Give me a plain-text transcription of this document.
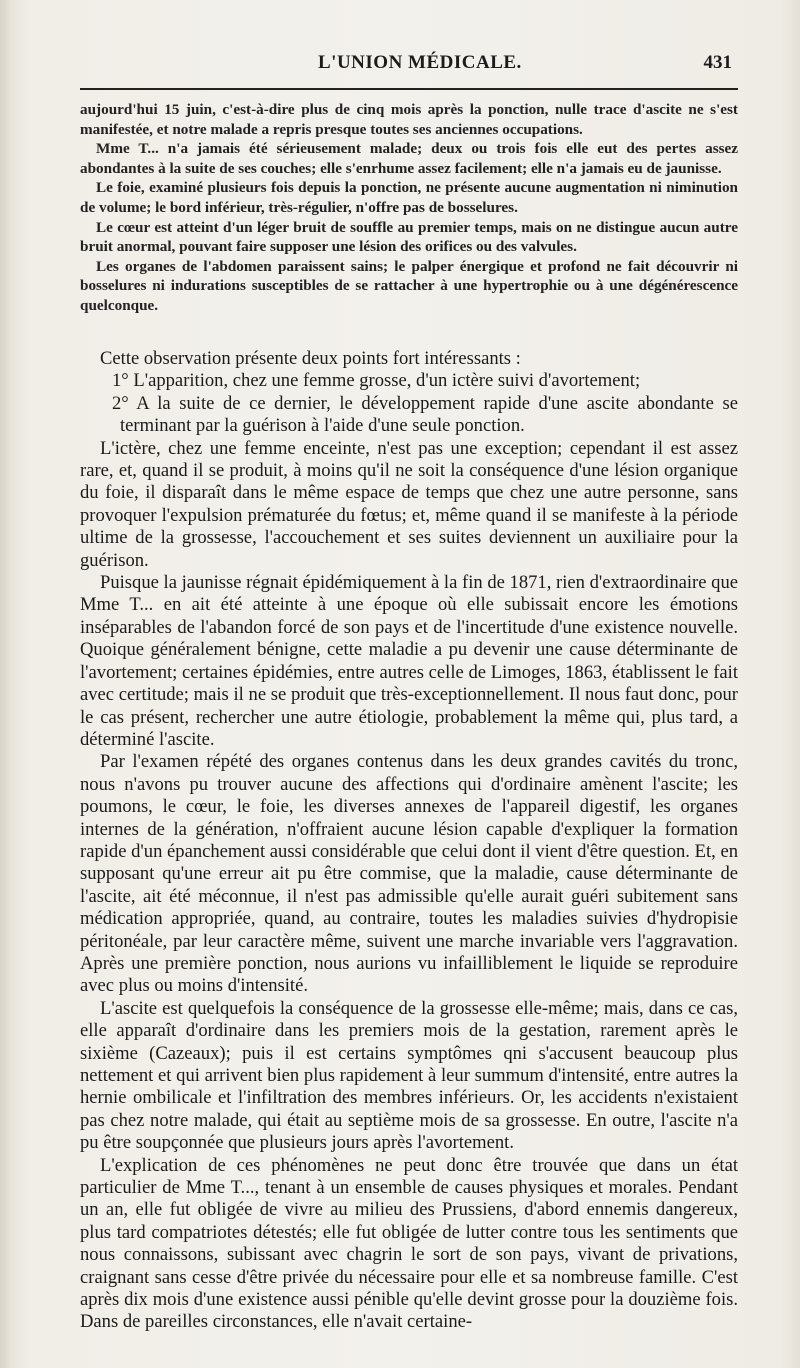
L'UNION MÉDICALE.	431

aujourd'hui 15 juin, c'est-à-dire plus de cinq mois après la ponction, nulle trace d'ascite ne s'est manifestée, et notre malade a repris presque toutes ses anciennes occupations.

Mme T... n'a jamais été sérieusement malade; deux ou trois fois elle eut des pertes assez abondantes à la suite de ses couches; elle s'enrhume assez facilement; elle n'a jamais eu de jaunisse.

Le foie, examiné plusieurs fois depuis la ponction, ne présente aucune augmentation ni niminution de volume; le bord inférieur, très-régulier, n'offre pas de bosselures.

Le cœur est atteint d'un léger bruit de souffle au premier temps, mais on ne distingue aucun autre bruit anormal, pouvant faire supposer une lésion des orifices ou des valvules.

Les organes de l'abdomen paraissent sains; le palper énergique et profond ne fait découvrir ni bosselures ni indurations susceptibles de se rattacher à une hypertrophie ou à une dégénérescence quelconque.

Cette observation présente deux points fort intéressants :

1° L'apparition, chez une femme grosse, d'un ictère suivi d'avortement;

2° A la suite de ce dernier, le développement rapide d'une ascite abondante se terminant par la guérison à l'aide d'une seule ponction.

L'ictère, chez une femme enceinte, n'est pas une exception; cependant il est assez rare, et, quand il se produit, à moins qu'il ne soit la conséquence d'une lésion organique du foie, il disparaît dans le même espace de temps que chez une autre personne, sans provoquer l'expulsion prématurée du fœtus; et, même quand il se manifeste à la période ultime de la grossesse, l'accouchement et ses suites deviennent un auxiliaire pour la guérison.

Puisque la jaunisse régnait épidémiquement à la fin de 1871, rien d'extraordinaire que Mme T... en ait été atteinte à une époque où elle subissait encore les émotions inséparables de l'abandon forcé de son pays et de l'incertitude d'une existence nouvelle. Quoique généralement bénigne, cette maladie a pu devenir une cause déterminante de l'avortement; certaines épidémies, entre autres celle de Limoges, 1863, établissent le fait avec certitude; mais il ne se produit que très-exceptionnellement. Il nous faut donc, pour le cas présent, rechercher une autre étiologie, probablement la même qui, plus tard, a déterminé l'ascite.

Par l'examen répété des organes contenus dans les deux grandes cavités du tronc, nous n'avons pu trouver aucune des affections qui d'ordinaire amènent l'ascite; les poumons, le cœur, le foie, les diverses annexes de l'appareil digestif, les organes internes de la génération, n'offraient aucune lésion capable d'expliquer la formation rapide d'un épanchement aussi considérable que celui dont il vient d'être question. Et, en supposant qu'une erreur ait pu être commise, que la maladie, cause déterminante de l'ascite, ait été méconnue, il n'est pas admissible qu'elle aurait guéri subitement sans médication appropriée, quand, au contraire, toutes les maladies suivies d'hydropisie péritonéale, par leur caractère même, suivent une marche invariable vers l'aggravation. Après une première ponction, nous aurions vu infailliblement le liquide se reproduire avec plus ou moins d'intensité.

L'ascite est quelquefois la conséquence de la grossesse elle-même; mais, dans ce cas, elle apparaît d'ordinaire dans les premiers mois de la gestation, rarement après le sixième (Cazeaux); puis il est certains symptômes qni s'accusent beaucoup plus nettement et qui arrivent bien plus rapidement à leur summum d'intensité, entre autres la hernie ombilicale et l'infiltration des membres inférieurs. Or, les accidents n'existaient pas chez notre malade, qui était au septième mois de sa grossesse. En outre, l'ascite n'a pu être soupçonnée que plusieurs jours après l'avortement.

L'explication de ces phénomènes ne peut donc être trouvée que dans un état particulier de Mme T..., tenant à un ensemble de causes physiques et morales. Pendant un an, elle fut obligée de vivre au milieu des Prussiens, d'abord ennemis dangereux, plus tard compatriotes détestés; elle fut obligée de lutter contre tous les sentiments que nous connaissons, subissant avec chagrin le sort de son pays, vivant de privations, craignant sans cesse d'être privée du nécessaire pour elle et sa nombreuse famille. C'est après dix mois d'une existence aussi pénible qu'elle devint grosse pour la douzième fois. Dans de pareilles circonstances, elle n'avait certaine-
